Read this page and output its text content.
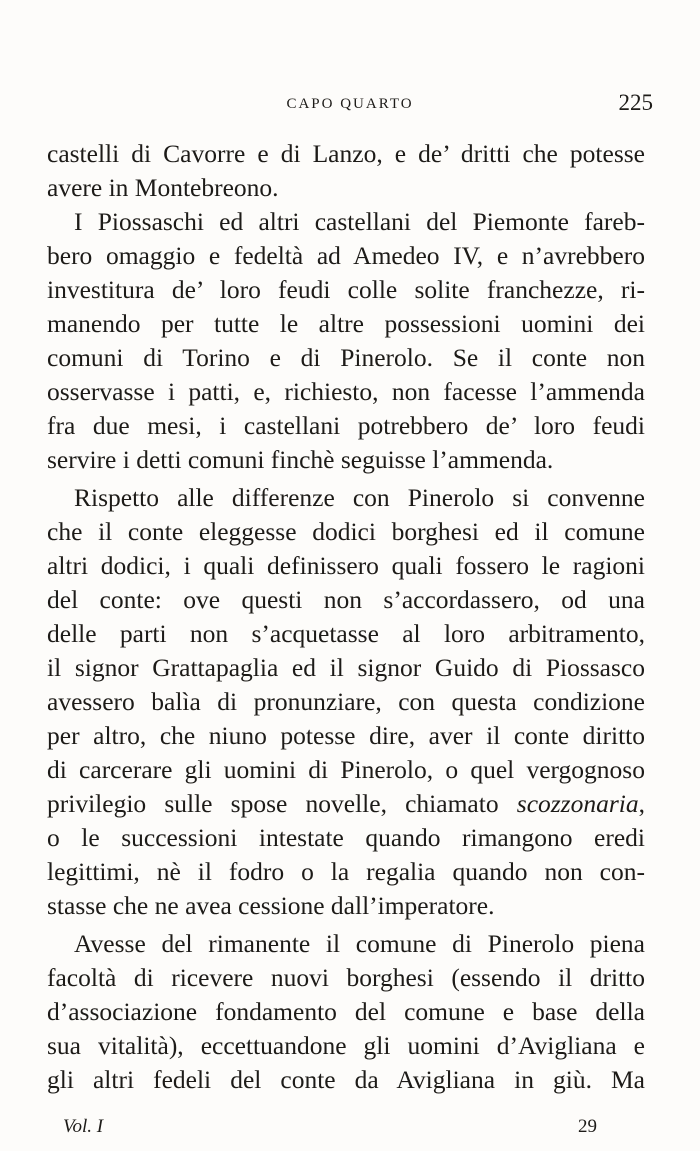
CAPO QUARTO	225
castelli di Cavorre e di Lanzo, e de’ dritti che potesse
avere in Montebreono.
I Piossaschi ed altri castellani del Piemonte fareb-
bero omaggio e fedeltà ad Amedeo IV, e n’avrebbero
investitura de’ loro feudi colle solite franchezze, ri-
manendo per tutte le altre possessioni uomini dei
comuni di Torino e di Pinerolo. Se il conte non
osservasse i patti, e, richiesto, non facesse l’ammenda
fra due mesi, i castellani potrebbero de’ loro feudi
servire i detti comuni finchè seguisse l’ammenda.
Rispetto alle differenze con Pinerolo si convenne
che il conte eleggesse dodici borghesi ed il comune
altri dodici, i quali definissero quali fossero le ragioni
del conte: ove questi non s’accordassero, od una
delle parti non s’acquetasse al loro arbitramento,
il signor Grattapaglia ed il signor Guido di Piossasco
avessero balìa di pronunziare, con questa condizione
per altro, che niuno potesse dire, aver il conte diritto
di carcerare gli uomini di Pinerolo, o quel vergognoso
privilegio sulle spose novelle, chiamato scozzonaria,
o le successioni intestate quando rimangono eredi
legittimi, nè il fodro o la regalia quando non con-
stasse che ne avea cessione dall’imperatore.
Avesse del rimanente il comune di Pinerolo piena
facoltà di ricevere nuovi borghesi (essendo il dritto
d’associazione fondamento del comune e base della
sua vitalità), eccettuandone gli uomini d’Avigliana e
gli altri fedeli del conte da Avigliana in giù. Ma
Vol. I	29
